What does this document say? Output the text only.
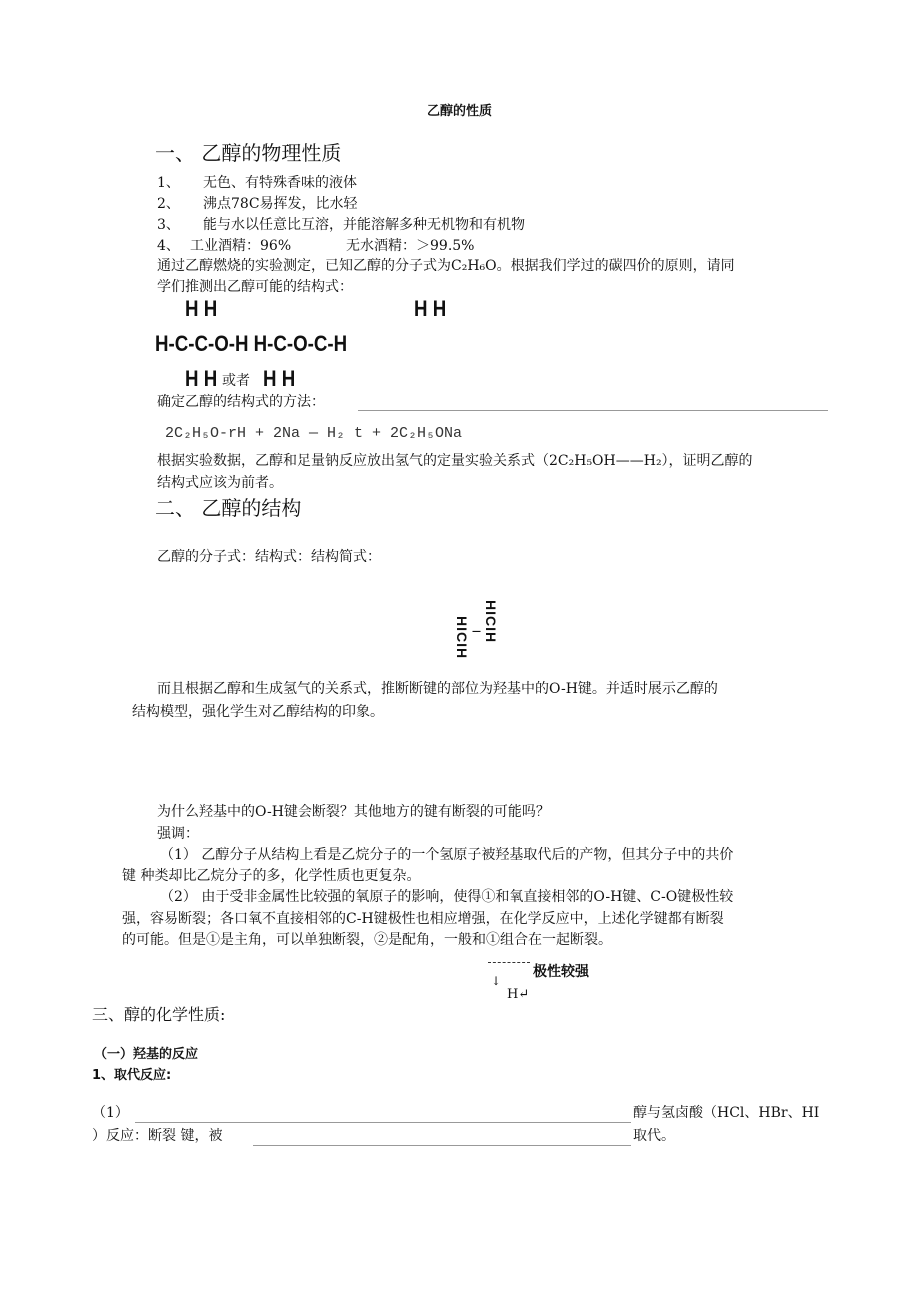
乙醇的性质
一、 乙醇的物理性质
1、 无色、有特殊香味的液体
2、 沸点78C易挥发，比水轻
3、 能与水以任意比互溶，并能溶解多种无机物和有机物
4、 工业酒精：96%	无水酒精：＞99.5%
通过乙醇燃烧的实验测定，已知乙醇的分子式为C₂H₆O。根据我们学过的碳四价的原则，请同
学们推测出乙醇可能的结构式：
H H	H H
H-C-C-O-H H-C-O-C-H
H H 或者 H H
确定乙醇的结构式的方法：
2C₂H₅O-rH + 2Na — H₂ t + 2C₂H₅ONa
根据实验数据，乙醇和足量钠反应放出氢气的定量实验关系式（2C₂H₅OH——H₂），证明乙醇的
结构式应该为前者。
二、 乙醇的结构
乙醇的分子式：结构式：结构简式：
HICIH
—
HICIH
而且根据乙醇和生成氢气的关系式，推断断键的部位为羟基中的O-H键。并适时展示乙醇的
结构模型，强化学生对乙醇结构的印象。
为什么羟基中的O-H键会断裂？其他地方的键有断裂的可能吗？
强调：
（1） 乙醇分子从结构上看是乙烷分子的一个氢原子被羟基取代后的产物，但其分子中的共价
键 种类却比乙烷分子的多，化学性质也更复杂。
（2） 由于受非金属性比较强的氧原子的影响，使得①和氧直接相邻的O-H键、C-O键极性较
强，容易断裂；各口氧不直接相邻的C-H键极性也相应增强，在化学反应中，上述化学键都有断裂
的可能。但是①是主角，可以单独断裂，②是配角，一般和①组合在一起断裂。
↓
极性较强
H↵
三、醇的化学性质:
（一）羟基的反应
1、取代反应:
（1）	醇与氢卤酸（HCl、HBr、HI
）反应：断裂 键，被	取代。
